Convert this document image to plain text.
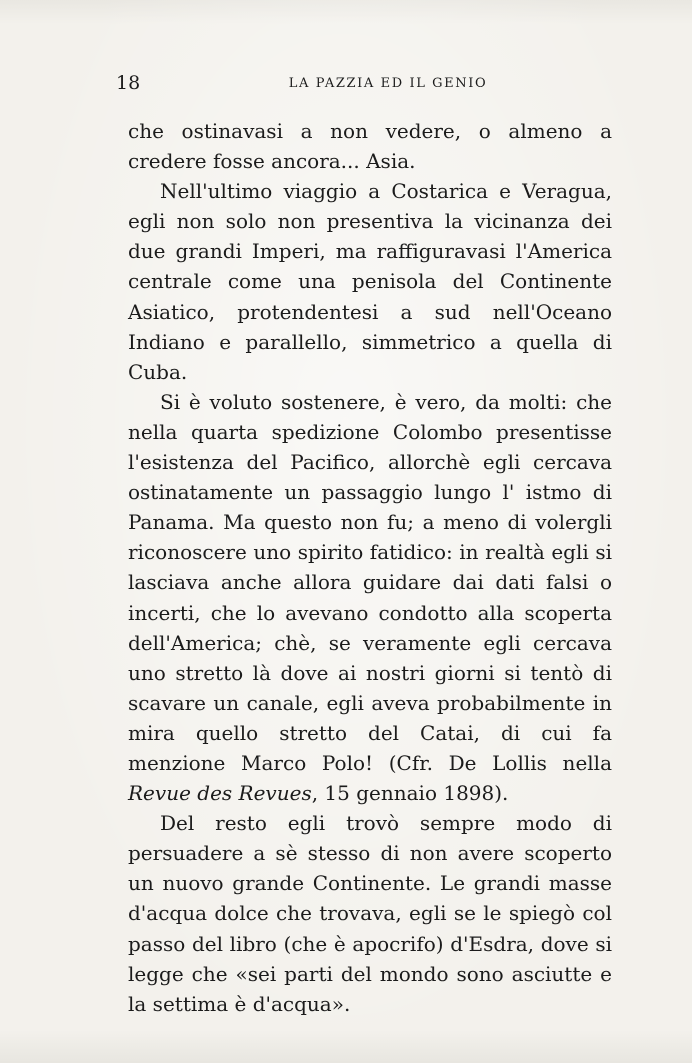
18	LA PAZZIA ED IL GENIO

che ostinavasi a non vedere, o almeno a credere fosse ancora... Asia.

Nell'ultimo viaggio a Costarica e Veragua, egli non solo non presentiva la vicinanza dei due grandi Imperi, ma raffiguravasi l'America centrale come una penisola del Continente Asiatico, protendentesi a sud nell'Oceano Indiano e parallello, simmetrico a quella di Cuba.

Si è voluto sostenere, è vero, da molti: che nella quarta spedizione Colombo presentisse l'esistenza del Pacifico, allorchè egli cercava ostinatamente un passaggio lungo l' istmo di Panama. Ma questo non fu; a meno di volergli riconoscere uno spirito fatidico: in realtà egli si lasciava anche allora guidare dai dati falsi o incerti, che lo avevano condotto alla scoperta dell'America; chè, se veramente egli cercava uno stretto là dove ai nostri giorni si tentò di scavare un canale, egli aveva probabilmente in mira quello stretto del Catai, di cui fa menzione Marco Polo! (Cfr. De Lollis nella Revue des Revues, 15 gennaio 1898).

Del resto egli trovò sempre modo di persuadere a sè stesso di non avere scoperto un nuovo grande Continente. Le grandi masse d'acqua dolce che trovava, egli se le spiegò col passo del libro (che è apocrifo) d'Esdra, dove si legge che «sei parti del mondo sono asciutte e la settima è d'acqua».
